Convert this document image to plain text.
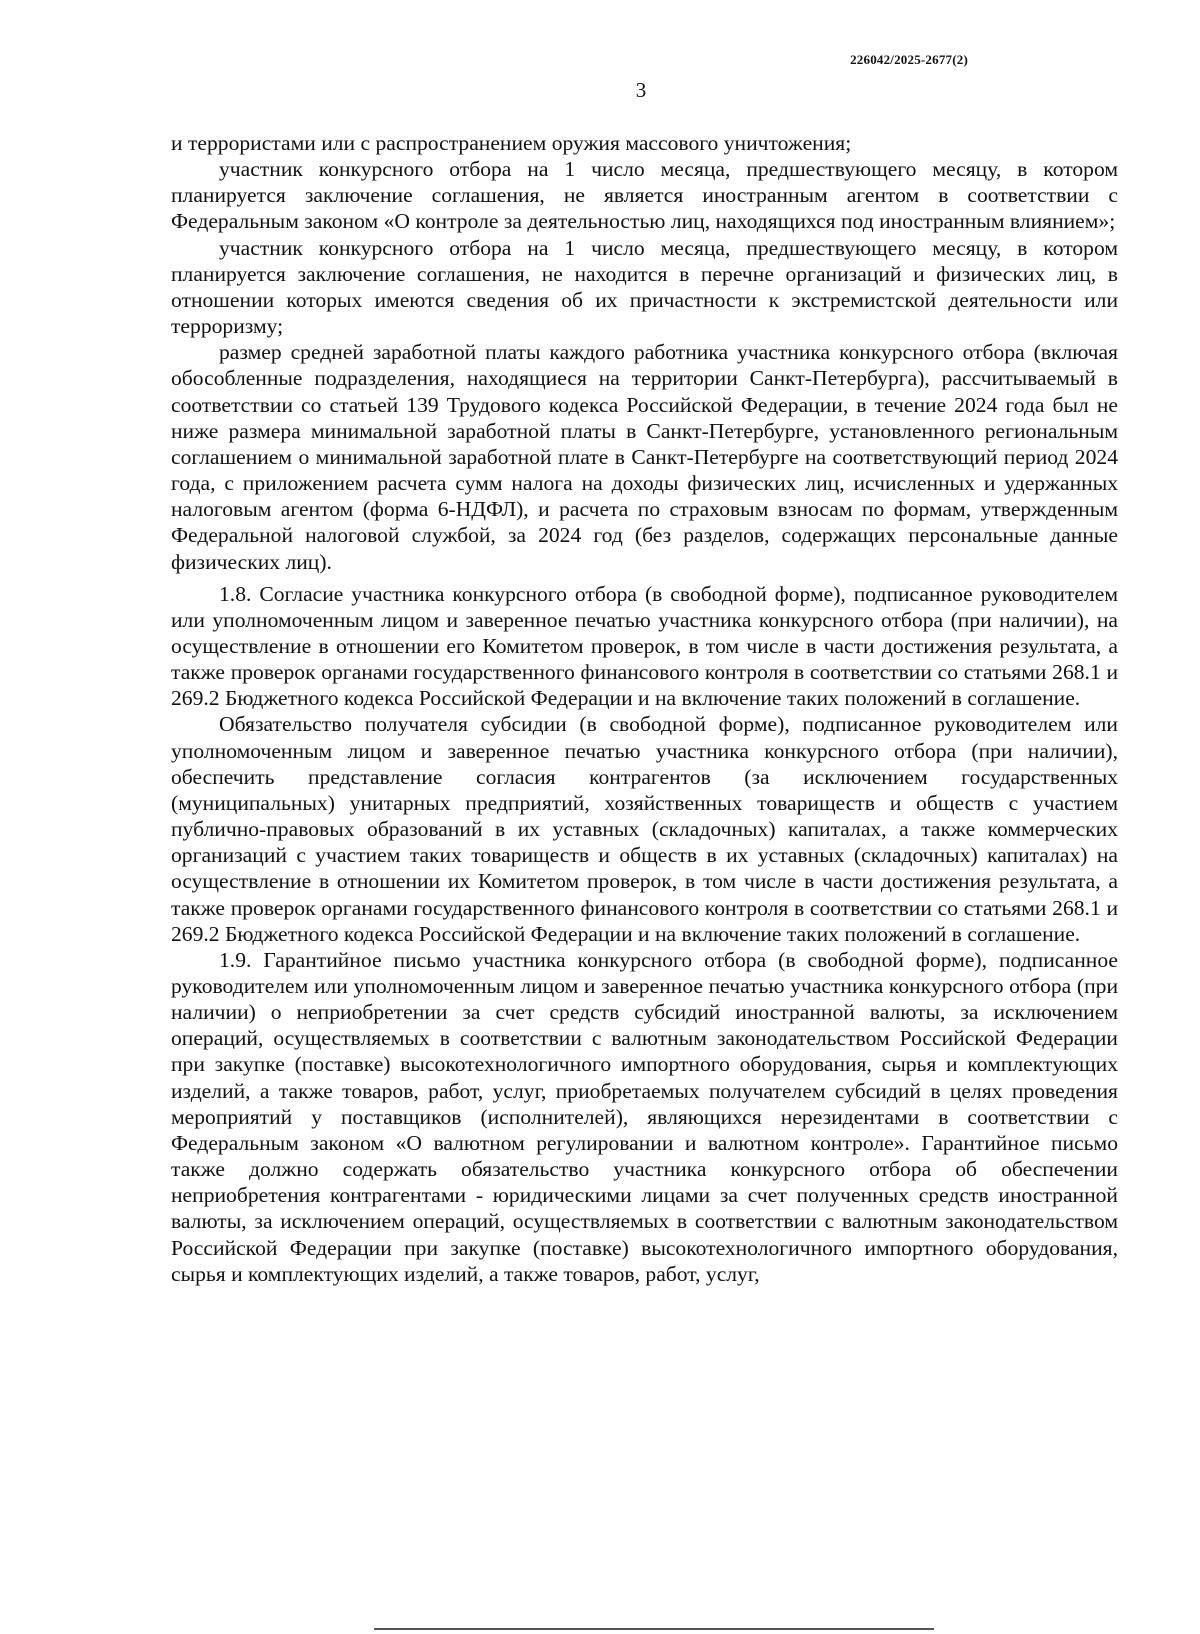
226042/2025-2677(2)
3

и террористами или с распространением оружия массового уничтожения;

участник конкурсного отбора на 1 число месяца, предшествующего месяцу, в котором планируется заключение соглашения, не является иностранным агентом в соответствии с Федеральным законом «О контроле за деятельностью лиц, находящихся под иностранным влиянием»;

участник конкурсного отбора на 1 число месяца, предшествующего месяцу, в котором планируется заключение соглашения, не находится в перечне организаций и физических лиц, в отношении которых имеются сведения об их причастности к экстремистской деятельности или терроризму;

размер средней заработной платы каждого работника участника конкурсного отбора (включая обособленные подразделения, находящиеся на территории Санкт-Петербурга), рассчитываемый в соответствии со статьей 139 Трудового кодекса Российской Федерации, в течение 2024 года был не ниже размера минимальной заработной платы в Санкт-Петербурге, установленного региональным соглашением о минимальной заработной плате в Санкт-Петербурге на соответствующий период 2024 года, с приложением расчета сумм налога на доходы физических лиц, исчисленных и удержанных налоговым агентом (форма 6-НДФЛ), и расчета по страховым взносам по формам, утвержденным Федеральной налоговой службой, за 2024 год (без разделов, содержащих персональные данные физических лиц).

1.8. Согласие участника конкурсного отбора (в свободной форме), подписанное руководителем или уполномоченным лицом и заверенное печатью участника конкурсного отбора (при наличии), на осуществление в отношении его Комитетом проверок, в том числе в части достижения результата, а также проверок органами государственного финансового контроля в соответствии со статьями 268.1 и 269.2 Бюджетного кодекса Российской Федерации и на включение таких положений в соглашение.

Обязательство получателя субсидии (в свободной форме), подписанное руководителем или уполномоченным лицом и заверенное печатью участника конкурсного отбора (при наличии), обеспечить представление согласия контрагентов (за исключением государственных (муниципальных) унитарных предприятий, хозяйственных товариществ и обществ с участием публично-правовых образований в их уставных (складочных) капиталах, а также коммерческих организаций с участием таких товариществ и обществ в их уставных (складочных) капиталах) на осуществление в отношении их Комитетом проверок, в том числе в части достижения результата, а также проверок органами государственного финансового контроля в соответствии со статьями 268.1 и 269.2 Бюджетного кодекса Российской Федерации и на включение таких положений в соглашение.

1.9. Гарантийное письмо участника конкурсного отбора (в свободной форме), подписанное руководителем или уполномоченным лицом и заверенное печатью участника конкурсного отбора (при наличии) о неприобретении за счет средств субсидий иностранной валюты, за исключением операций, осуществляемых в соответствии с валютным законодательством Российской Федерации при закупке (поставке) высокотехнологичного импортного оборудования, сырья и комплектующих изделий, а также товаров, работ, услуг, приобретаемых получателем субсидий в целях проведения мероприятий у поставщиков (исполнителей), являющихся нерезидентами в соответствии с Федеральным законом «О валютном регулировании и валютном контроле». Гарантийное письмо также должно содержать обязательство участника конкурсного отбора об обеспечении неприобретения контрагентами - юридическими лицами за счет полученных средств иностранной валюты, за исключением операций, осуществляемых в соответствии с валютным законодательством Российской Федерации при закупке (поставке) высокотехнологичного импортного оборудования, сырья и комплектующих изделий, а также товаров, работ, услуг,
